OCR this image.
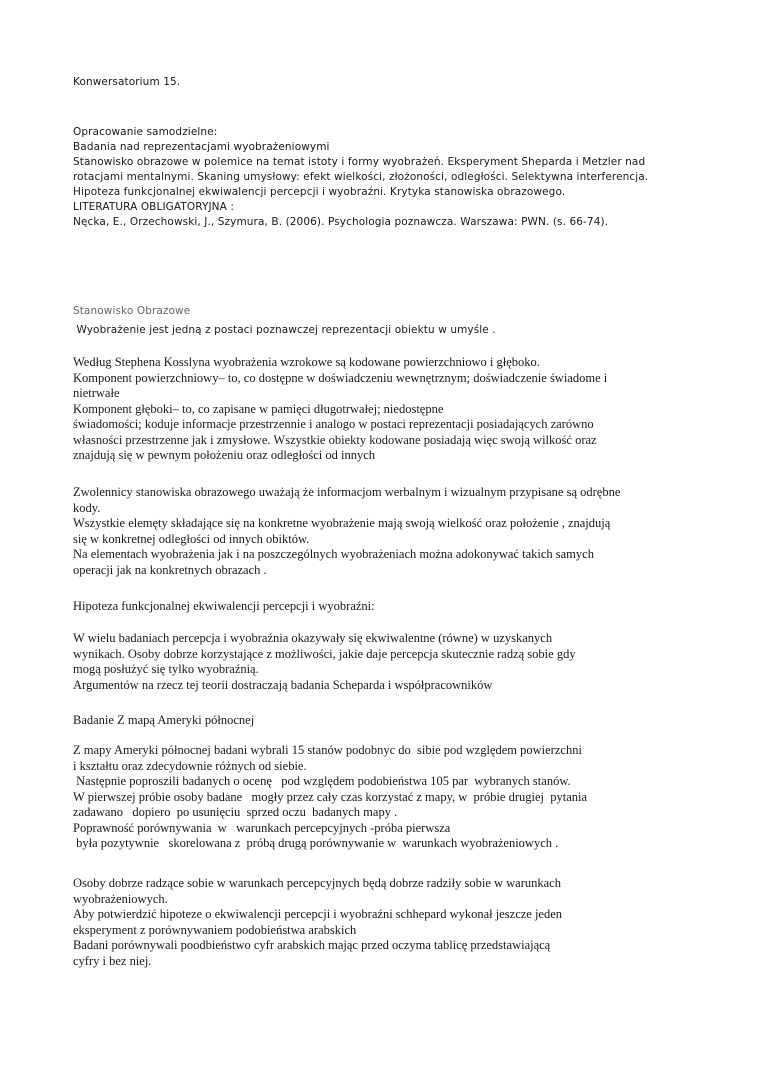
Konwersatorium 15.
Opracowanie samodzielne:
Badania nad reprezentacjami wyobrażeniowymi
Stanowisko obrazowe w polemice na temat istoty i formy wyobrażeń. Eksperyment Sheparda i Metzler nad
rotacjami mentalnymi. Skaning umysłowy: efekt wielkości, złożoności, odległości. Selektywna interferencja.
Hipoteza funkcjonalnej ekwiwalencji percepcji i wyobraźni. Krytyka stanowiska obrazowego.
LITERATURA OBLIGATORYJNA :
Nęcka, E., Orzechowski, J., Szymura, B. (2006). Psychologia poznawcza. Warszawa: PWN. (s. 66-74).
Stanowisko Obrazowe
Wyobrażenie jest jedną z postaci poznawczej reprezentacji obiektu w umyśle .
Według Stephena Kosslyna wyobrażenia wzrokowe są kodowane powierzchniowo i głęboko.
Komponent powierzchniowy– to, co dostępne w doświadczeniu wewnętrznym; doświadczenie świadome i
nietrwałe
Komponent głęboki– to, co zapisane w pamięci długotrwałej; niedostępne
świadomości; koduje informacje przestrzennie i analogo w postaci reprezentacji posiadających zarówno
własności przestrzenne jak i zmysłowe. Wszystkie obiekty kodowane posiadają więc swoją wilkość oraz
znajdują się w pewnym położeniu oraz odległości od innych
Zwolennicy stanowiska obrazowego uważają że informacjom werbalnym i wizualnym przypisane są odrębne
kody.
Wszystkie elemęty składające się na konkretne wyobrażenie mają swoją wielkość oraz położenie , znajdują
się w konkretnej odległości od innych obiktów.
Na elementach wyobrażenia jak i na poszczególnych wyobrażeniach można adokonywać takich samych
operacji jak na konkretnych obrazach .
Hipoteza funkcjonalnej ekwiwalencji percepcji i wyobraźni:
W wielu badaniach percepcja i wyobraźnia okazywały się ekwiwalentne (równe) w uzyskanych
wynikach. Osoby dobrze korzystające z możliwości, jakie daje percepcja skutecznie radzą sobie gdy
mogą posłużyć się tylko wyobraźnią.
Argumentów na rzecz tej teorii dostraczają badania Scheparda i współpracowników
Badanie Z mapą Ameryki północnej
Z mapy Ameryki północnej badani wybrali 15 stanów podobnyc do  sibie pod względem powierzchni
i kształtu oraz zdecydownie różnych od siebie.
Następnie poproszili badanych o ocenę   pod względem podobieństwa 105 par  wybranych stanów.
W pierwszej próbie osoby badane   mogły przez cały czas korzystać z mapy, w  próbie drugiej  pytania
zadawano   dopiero  po usunięciu  sprzed oczu  badanych mapy .
Poprawność porównywania  w   warunkach percepcyjnych -próba pierwsza
była pozytywnie   skorelowana z  próbą drugą porównywanie w  warunkach wyobrażeniowych .
Osoby dobrze radzące sobie w warunkach percepcyjnych będą dobrze radziły sobie w warunkach
wyobrażeniowych.
Aby potwierdzić hipoteze o ekwiwalencji percepcji i wyobraźni schhepard wykonał jeszcze jeden
eksperyment z porównywaniem podobieństwa arabskich
Badani porównywali poodbieństwo cyfr arabskich mając przed oczyma tablicę przedstawiającą
cyfry i bez niej.
